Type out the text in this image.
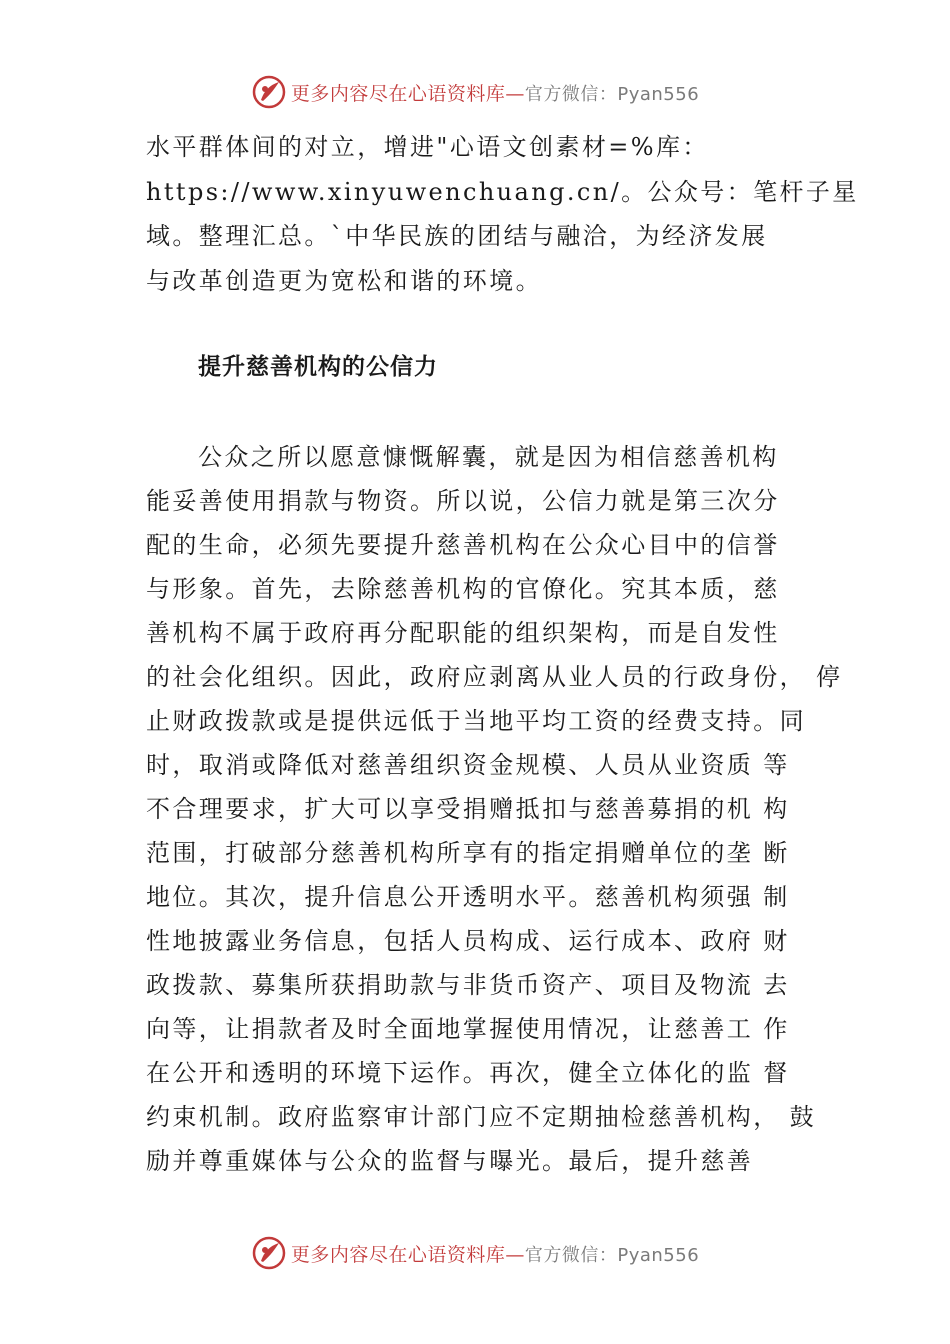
更多内容尽在心语资料库—官方微信：Pyan556
水平群体间的对立，增进"心语文创素材=%库：
https://www.xinyuwenchuang.cn/。公众号：笔杆子星
域。整理汇总。`中华民族的团结与融洽，为经济发展
与改革创造更为宽松和谐的环境。
提升慈善机构的公信力
公众之所以愿意慷慨解囊，就是因为相信慈善机构
能妥善使用捐款与物资。所以说，公信力就是第三次分
配的生命，必须先要提升慈善机构在公众心目中的信誉
与形象。首先，去除慈善机构的官僚化。究其本质，慈
善机构不属于政府再分配职能的组织架构，而是自发性
的社会化组织。因此，政府应剥离从业人员的行政身份， 停
止财政拨款或是提供远低于当地平均工资的经费支持。同
时，取消或降低对慈善组织资金规模、人员从业资质 等
不合理要求，扩大可以享受捐赠抵扣与慈善募捐的机 构
范围，打破部分慈善机构所享有的指定捐赠单位的垄 断
地位。其次，提升信息公开透明水平。慈善机构须强 制
性地披露业务信息，包括人员构成、运行成本、政府 财
政拨款、募集所获捐助款与非货币资产、项目及物流 去
向等，让捐款者及时全面地掌握使用情况，让慈善工 作
在公开和透明的环境下运作。再次，健全立体化的监 督
约束机制。政府监察审计部门应不定期抽检慈善机构， 鼓
励并尊重媒体与公众的监督与曝光。最后，提升慈善
更多内容尽在心语资料库—官方微信：Pyan556
